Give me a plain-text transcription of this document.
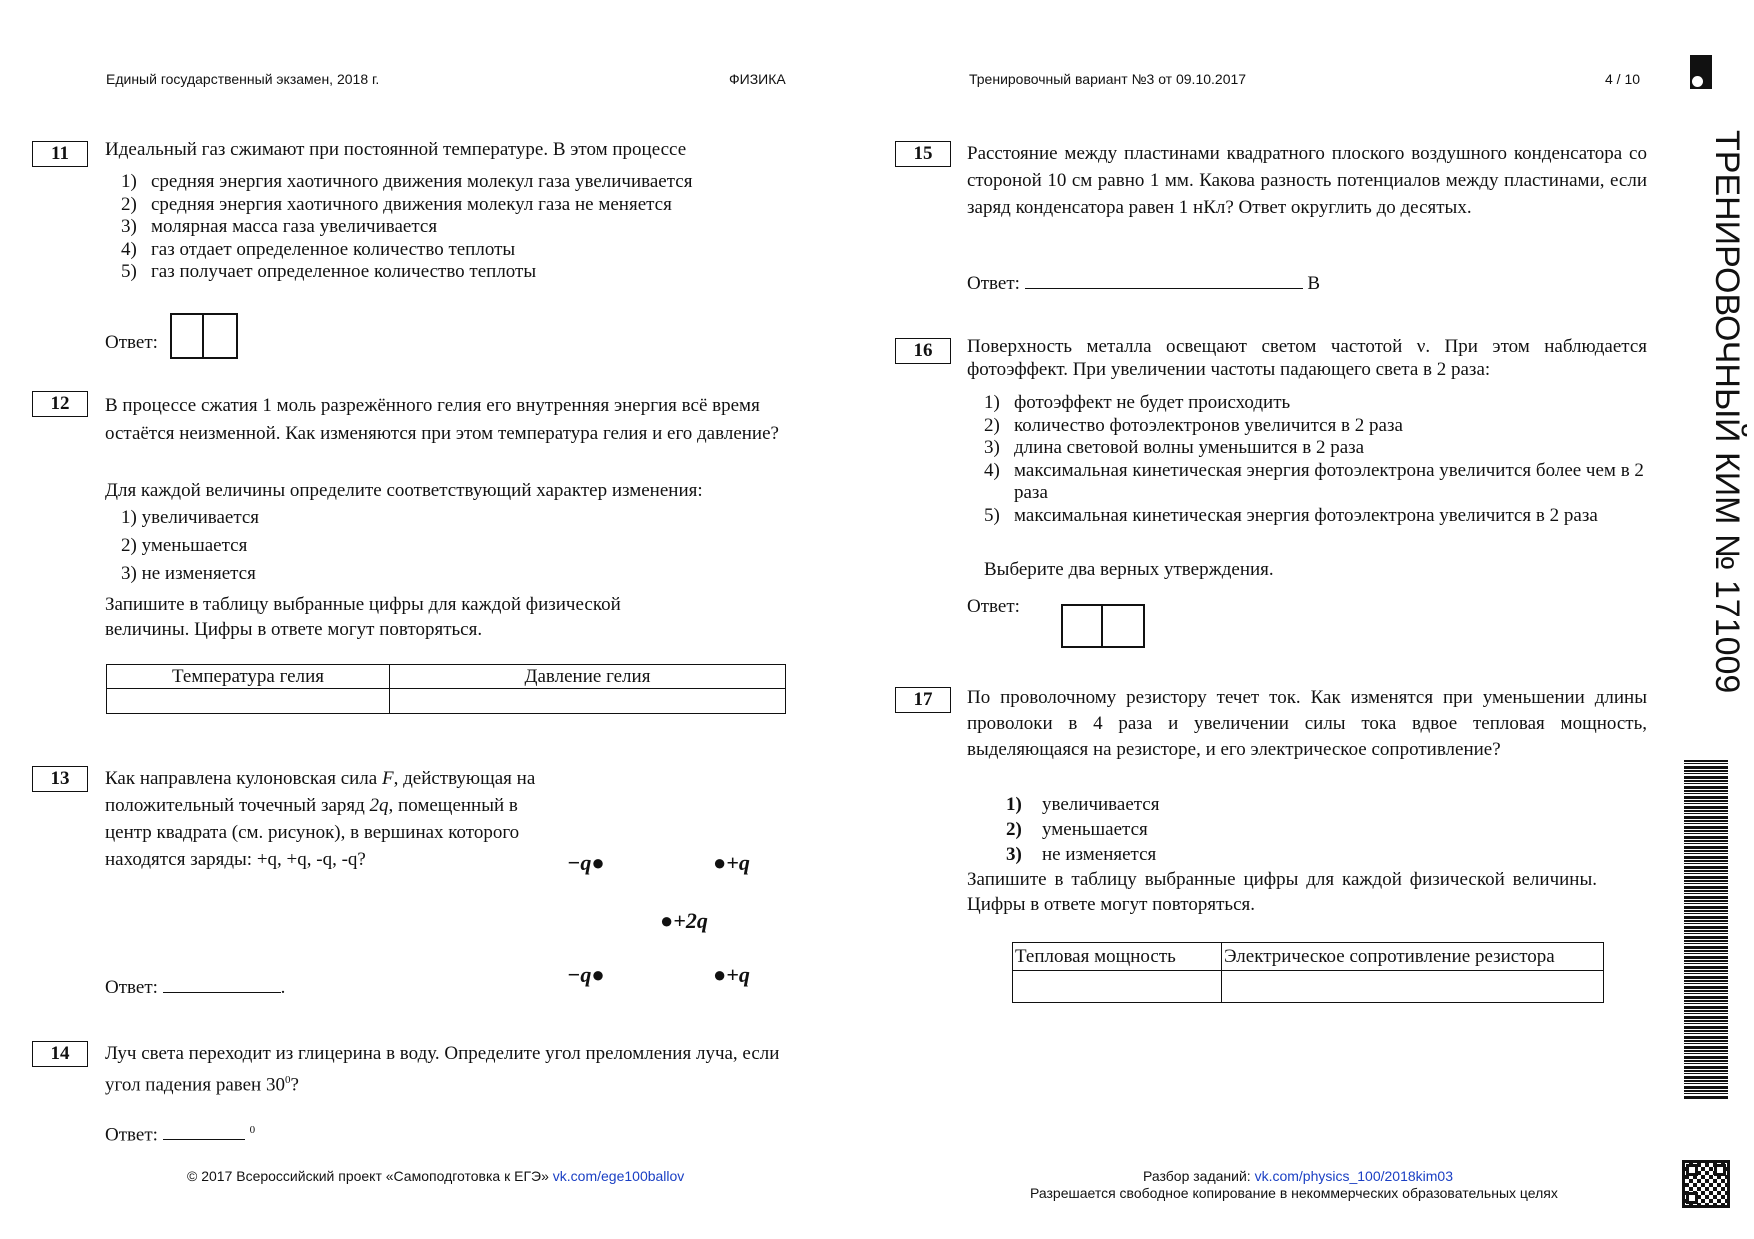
Единый государственный экзамен, 2018 г.	ФИЗИКА	Тренировочный вариант №3 от 09.10.2017	4 / 10
ТРЕНИРОВОЧНЫЙ КИМ № 171009
11	Идеальный газ сжимают при постоянной температуре. В этом процессе
1) средняя энергия хаотичного движения молекул газа увеличивается
2) средняя энергия хаотичного движения молекул газа не меняется
3) молярная масса газа увеличивается
4) газ отдает определенное количество теплоты
5) газ получает определенное количество теплоты
Ответ:
12	В процессе сжатия 1 моль разрежённого гелия его внутренняя энергия всё время остаётся неизменной. Как изменяются при этом температура гелия и его давление?
Для каждой величины определите соответствующий характер изменения:
1) увеличивается
2) уменьшается
3) не изменяется
Запишите в таблицу выбранные цифры для каждой физической величины. Цифры в ответе могут повторяться.
Температура гелия	Давление гелия

13	Как направлена кулоновская сила F, действующая на положительный точечный заряд 2q, помещенный в центр квадрата (см. рисунок), в вершинах которого находятся заряды: +q, +q, -q, -q?	−q●	●+q
●+2q
−q●	●+q
Ответ:	.
14	Луч света переходит из глицерина в воду. Определите угол преломления луча, если угол падения равен $30^0$?
Ответ:	$^0$
15	Расстояние между пластинами квадратного плоского воздушного конденсатора со стороной 10 см равно 1 мм. Какова разность потенциалов между пластинами, если заряд конденсатора равен 1 нКл? Ответ округлить до десятых.
Ответ:	В
16	Поверхность металла освещают светом частотой ν. При этом наблюдается фотоэффект. При увеличении частоты падающего света в 2 раза:
1) фотоэффект не будет происходить
2) количество фотоэлектронов увеличится в 2 раза
3) длина световой волны уменьшится в 2 раза
4) максимальная кинетическая энергия фотоэлектрона увеличится более чем в 2 раза
5) максимальная кинетическая энергия фотоэлектрона увеличится в 2 раза
Выберите два верных утверждения.
Ответ:
17	По проволочному резистору течет ток. Как изменятся при уменьшении длины проволоки в 4 раза и увеличении силы тока вдвое тепловая мощность, выделяющаяся на резисторе, и его электрическое сопротивление?
1) увеличивается
2) уменьшается
3) не изменяется
Запишите в таблицу выбранные цифры для каждой физической величины. Цифры в ответе могут повторяться.
Тепловая мощность	Электрическое сопротивление резистора

© 2017 Всероссийский проект «Самоподготовка к ЕГЭ» vk.com/ege100ballov	Разбор заданий: vk.com/physics_100/2018kim03
Разрешается свободное копирование в некоммерческих образовательных целях
